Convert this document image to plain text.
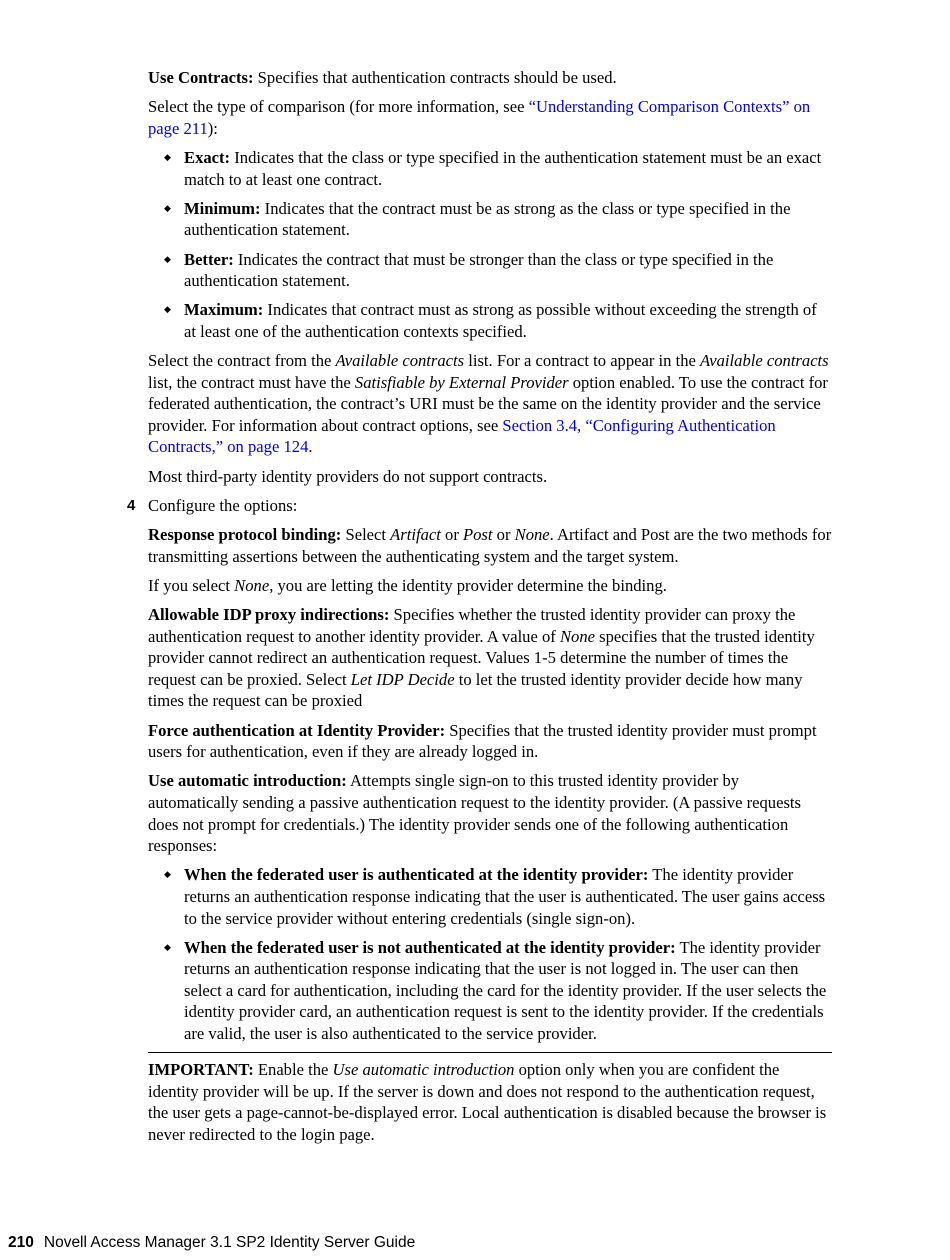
Use Contracts: Specifies that authentication contracts should be used.
Select the type of comparison (for more information, see “Understanding Comparison Contexts” on page 211):
◆ Exact: Indicates that the class or type specified in the authentication statement must be an exact match to at least one contract.
◆ Minimum: Indicates that the contract must be as strong as the class or type specified in the authentication statement.
◆ Better: Indicates the contract that must be stronger than the class or type specified in the authentication statement.
◆ Maximum: Indicates that contract must as strong as possible without exceeding the strength of at least one of the authentication contexts specified.
Select the contract from the Available contracts list. For a contract to appear in the Available contracts list, the contract must have the Satisfiable by External Provider option enabled. To use the contract for federated authentication, the contract’s URI must be the same on the identity provider and the service provider. For information about contract options, see Section 3.4, “Configuring Authentication Contracts,” on page 124.
Most third-party identity providers do not support contracts.
4 Configure the options:
Response protocol binding: Select Artifact or Post or None. Artifact and Post are the two methods for transmitting assertions between the authenticating system and the target system.
If you select None, you are letting the identity provider determine the binding.
Allowable IDP proxy indirections: Specifies whether the trusted identity provider can proxy the authentication request to another identity provider. A value of None specifies that the trusted identity provider cannot redirect an authentication request. Values 1-5 determine the number of times the request can be proxied. Select Let IDP Decide to let the trusted identity provider decide how many times the request can be proxied
Force authentication at Identity Provider: Specifies that the trusted identity provider must prompt users for authentication, even if they are already logged in.
Use automatic introduction: Attempts single sign-on to this trusted identity provider by automatically sending a passive authentication request to the identity provider. (A passive requests does not prompt for credentials.) The identity provider sends one of the following authentication responses:
◆ When the federated user is authenticated at the identity provider: The identity provider returns an authentication response indicating that the user is authenticated. The user gains access to the service provider without entering credentials (single sign-on).
◆ When the federated user is not authenticated at the identity provider: The identity provider returns an authentication response indicating that the user is not logged in. The user can then select a card for authentication, including the card for the identity provider. If the user selects the identity provider card, an authentication request is sent to the identity provider. If the credentials are valid, the user is also authenticated to the service provider.
IMPORTANT: Enable the Use automatic introduction option only when you are confident the identity provider will be up. If the server is down and does not respond to the authentication request, the user gets a page-cannot-be-displayed error. Local authentication is disabled because the browser is never redirected to the login page.
210 Novell Access Manager 3.1 SP2 Identity Server Guide
